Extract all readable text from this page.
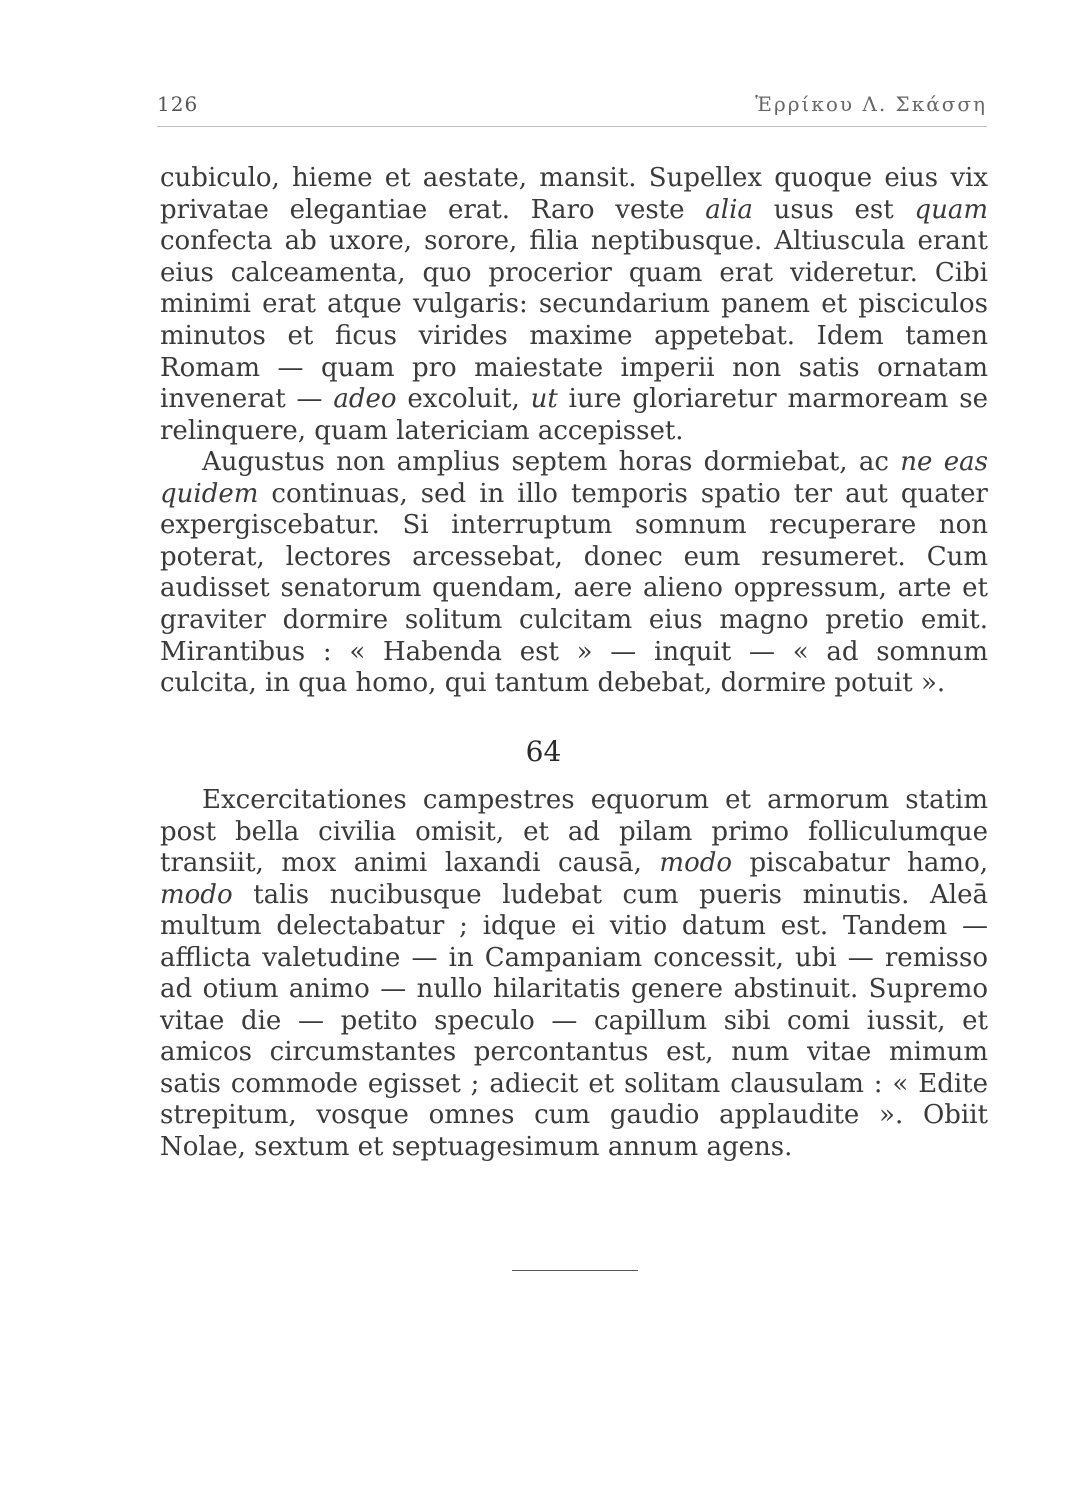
126	Ἑρρίκου Λ. Σκάσση

cubiculo, hieme et aestate, mansit. Supellex quoque eius vix privatae elegantiae erat. Raro veste alia usus est quam confecta ab uxore, sorore, filia neptibusque. Altiuscula erant eius calceamenta, quo procerior quam erat videretur. Cibi minimi erat atque vulgaris: secundarium panem et pisciculos minutos et ficus virides maxime appetebat. Idem tamen Romam — quam pro maiestate imperii non satis ornatam invenerat — adeo excoluit, ut iure gloriaretur marmoream se relinquere, quam latericiam accepisset.

Augustus non amplius septem horas dormiebat, ac ne eas quidem continuas, sed in illo temporis spatio ter aut quater expergiscebatur. Si interruptum somnum recuperare non poterat, lectores arcessebat, donec eum resumeret. Cum audisset senatorum quendam, aere alieno oppressum, arte et graviter dormire solitum culcitam eius magno pretio emit. Mirantibus : « Habenda est » — inquit — « ad somnum culcita, in qua homo, qui tantum debebat, dormire potuit ».

64

Excercitationes campestres equorum et armorum statim post bella civilia omisit, et ad pilam primo folliculumque transiit, mox animi laxandi causā, modo piscabatur hamo, modo talis nucibusque ludebat cum pueris minutis. Aleā multum delectabatur ; idque ei vitio datum est. Tandem — afflicta valetudine — in Campaniam concessit, ubi — remisso ad otium animo — nullo hilaritatis genere abstinuit. Supremo vitae die — petito speculo — capillum sibi comi iussit, et amicos circumstantes percontantus est, num vitae mimum satis commode egisset ; adiecit et solitam clausulam : « Edite strepitum, vosque omnes cum gaudio applaudite ». Obiit Nolae, sextum et septuagesimum annum agens.
